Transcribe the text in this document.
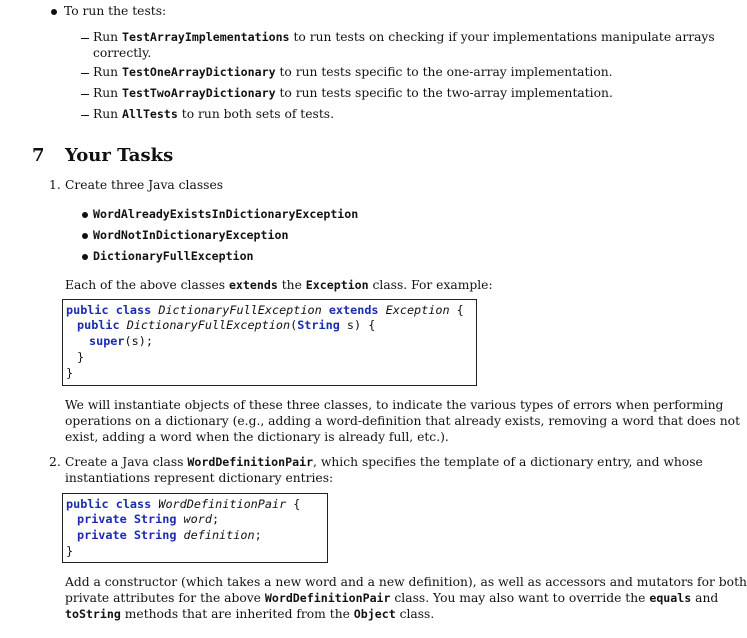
To run the tests:
Run TestArrayImplementations to run tests on checking if your implementations manipulate arrays
correctly.
Run TestOneArrayDictionary to run tests specific to the one-array implementation.
Run TestTwoArrayDictionary to run tests specific to the two-array implementation.
Run AllTests to run both sets of tests.
7 Your Tasks
1. Create three Java classes
WordAlreadyExistsInDictionaryException
WordNotInDictionaryException
DictionaryFullException
Each of the above classes extends the Exception class. For example:
public class DictionaryFullException extends Exception {
public DictionaryFullException(String s) {
super(s);
}
}
We will instantiate objects of these three classes, to indicate the various types of errors when performing
operations on a dictionary (e.g., adding a word-definition that already exists, removing a word that does not
exist, adding a word when the dictionary is already full, etc.).
2. Create a Java class WordDefinitionPair, which specifies the template of a dictionary entry, and whose
instantiations represent dictionary entries:
public class WordDefinitionPair {
private String word;
private String definition;
}
Add a constructor (which takes a new word and a new definition), as well as accessors and mutators for both
private attributes for the above WordDefinitionPair class. You may also want to override the equals and
toString methods that are inherited from the Object class.
